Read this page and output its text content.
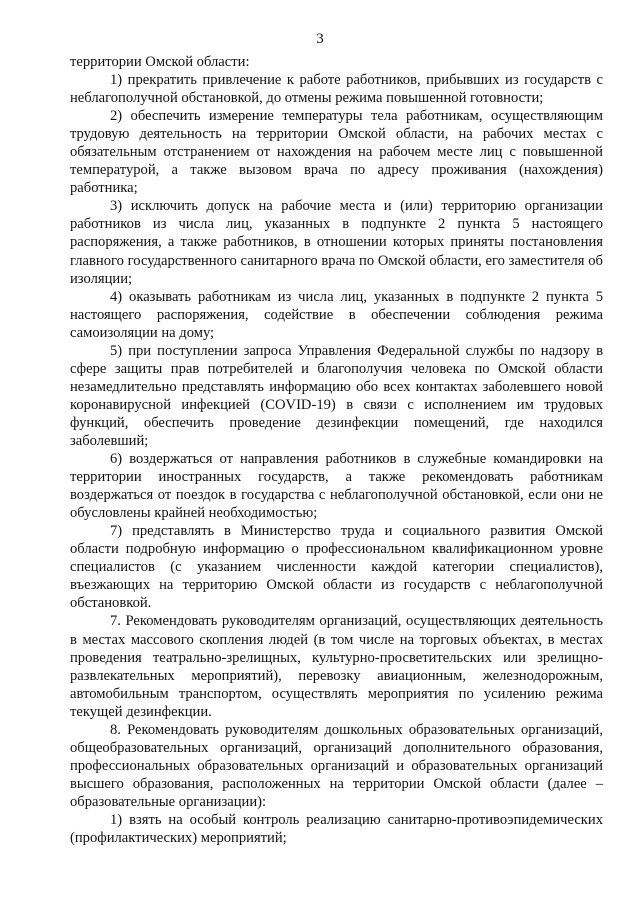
3

территории Омской области:

1) прекратить привлечение к работе работников, прибывших из государств с неблагополучной обстановкой, до отмены режима повышенной готовности;

2) обеспечить измерение температуры тела работникам, осуществляющим трудовую деятельность на территории Омской области, на рабочих местах с обязательным отстранением от нахождения на рабочем месте лиц с повышенной температурой, а также вызовом врача по адресу проживания (нахождения) работника;

3) исключить допуск на рабочие места и (или) территорию организации работников из числа лиц, указанных в подпункте 2 пункта 5 настоящего распоряжения, а также работников, в отношении которых приняты постановления главного государственного санитарного врача по Омской области, его заместителя об изоляции;

4) оказывать работникам из числа лиц, указанных в подпункте 2 пункта 5 настоящего распоряжения, содействие в обеспечении соблюдения режима самоизоляции на дому;

5) при поступлении запроса Управления Федеральной службы по надзору в сфере защиты прав потребителей и благополучия человека по Омской области незамедлительно представлять информацию обо всех контактах заболевшего новой коронавирусной инфекцией (COVID-19) в связи с исполнением им трудовых функций, обеспечить проведение дезинфекции помещений, где находился заболевший;

6) воздержаться от направления работников в служебные командировки на территории иностранных государств, а также рекомендовать работникам воздержаться от поездок в государства с неблагополучной обстановкой, если они не обусловлены крайней необходимостью;

7) представлять в Министерство труда и социального развития Омской области подробную информацию о профессиональном квалификационном уровне специалистов (с указанием численности каждой категории специалистов), въезжающих на территорию Омской области из государств с неблагополучной обстановкой.

7. Рекомендовать руководителям организаций, осуществляющих деятельность в местах массового скопления людей (в том числе на торговых объектах, в местах проведения театрально-зрелищных, культурно-просветительских или зрелищно-развлекательных мероприятий), перевозку авиационным, железнодорожным, автомобильным транспортом, осуществлять мероприятия по усилению режима текущей дезинфекции.

8. Рекомендовать руководителям дошкольных образовательных организаций, общеобразовательных организаций, организаций дополнительного образования, профессиональных образовательных организаций и образовательных организаций высшего образования, расположенных на территории Омской области (далее – образовательные организации):

1) взять на особый контроль реализацию санитарно-противоэпидемических (профилактических) мероприятий;
